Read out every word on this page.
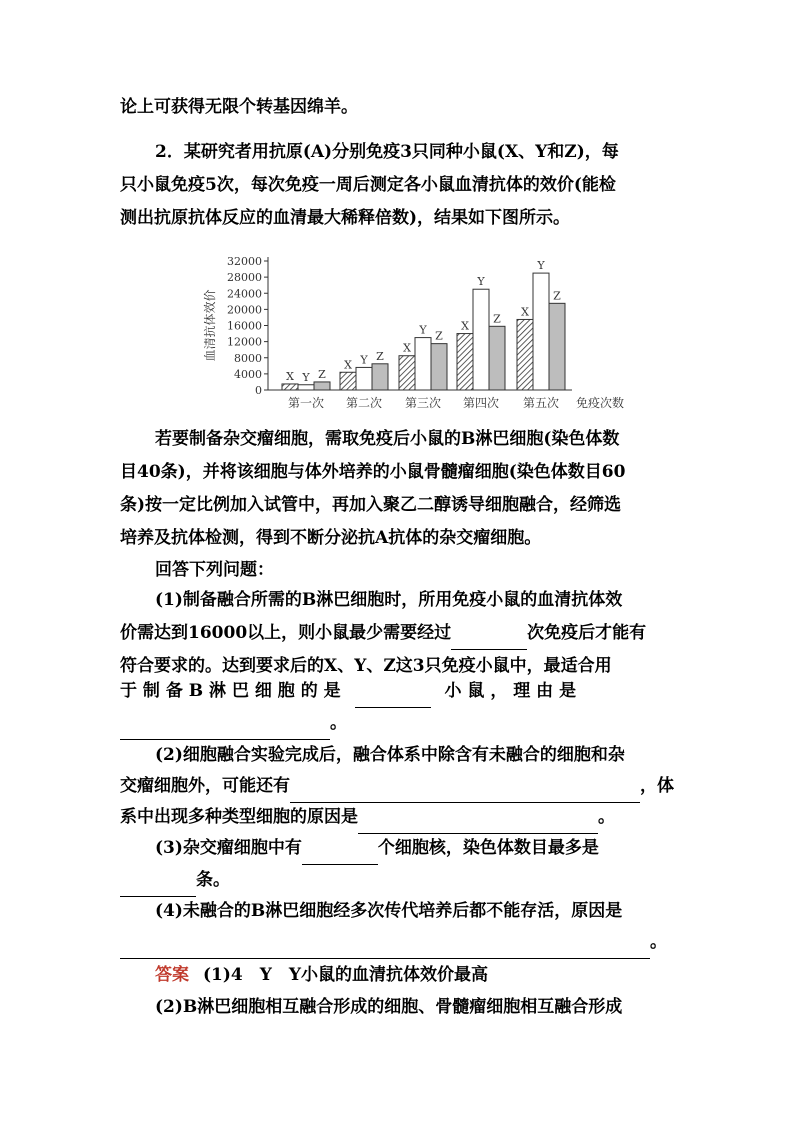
论上可获得无限个转基因绵羊。
2．某研究者用抗原(A)分别免疫3只同种小鼠(X、Y和Z)，每
只小鼠免疫5次，每次免疫一周后测定各小鼠血清抗体的效价(能检
测出抗原抗体反应的血清最大稀释倍数)，结果如下图所示。
0
4000
8000
12000
16000
20000
24000
28000
32000
血清抗体效价
X Y Z
第一次
X Y Z
第二次
X
Y Z
第三次
X
Y
Z
第四次
X
Y
Z
第五次 免疫次数
若要制备杂交瘤细胞，需取免疫后小鼠的B淋巴细胞(染色体数
目40条)，并将该细胞与体外培养的小鼠骨髓瘤细胞(染色体数目60
条)按一定比例加入试管中，再加入聚乙二醇诱导细胞融合，经筛选
培养及抗体检测，得到不断分泌抗A抗体的杂交瘤细胞。
回答下列问题：
(1)制备融合所需的B淋巴细胞时，所用免疫小鼠的血清抗体效
价需达到16000以上，则小鼠最少需要经过	次免疫后才能有
符合要求的。达到要求后的X、Y、Z这3只免疫小鼠中，最适合用
于 制 备 B 淋 巴 细 胞 的 是	小 鼠 ， 理 由 是
。
(2)细胞融合实验完成后，融合体系中除含有未融合的细胞和杂
交瘤细胞外，可能还有	，体
系中出现多种类型细胞的原因是	。
(3)杂交瘤细胞中有	个细胞核，染色体数目最多是
条。
(4)未融合的B淋巴细胞经多次传代培养后都不能存活，原因是
。
答案 (1)4　Y　Y小鼠的血清抗体效价最高
(2)B淋巴细胞相互融合形成的细胞、骨髓瘤细胞相互融合形成
